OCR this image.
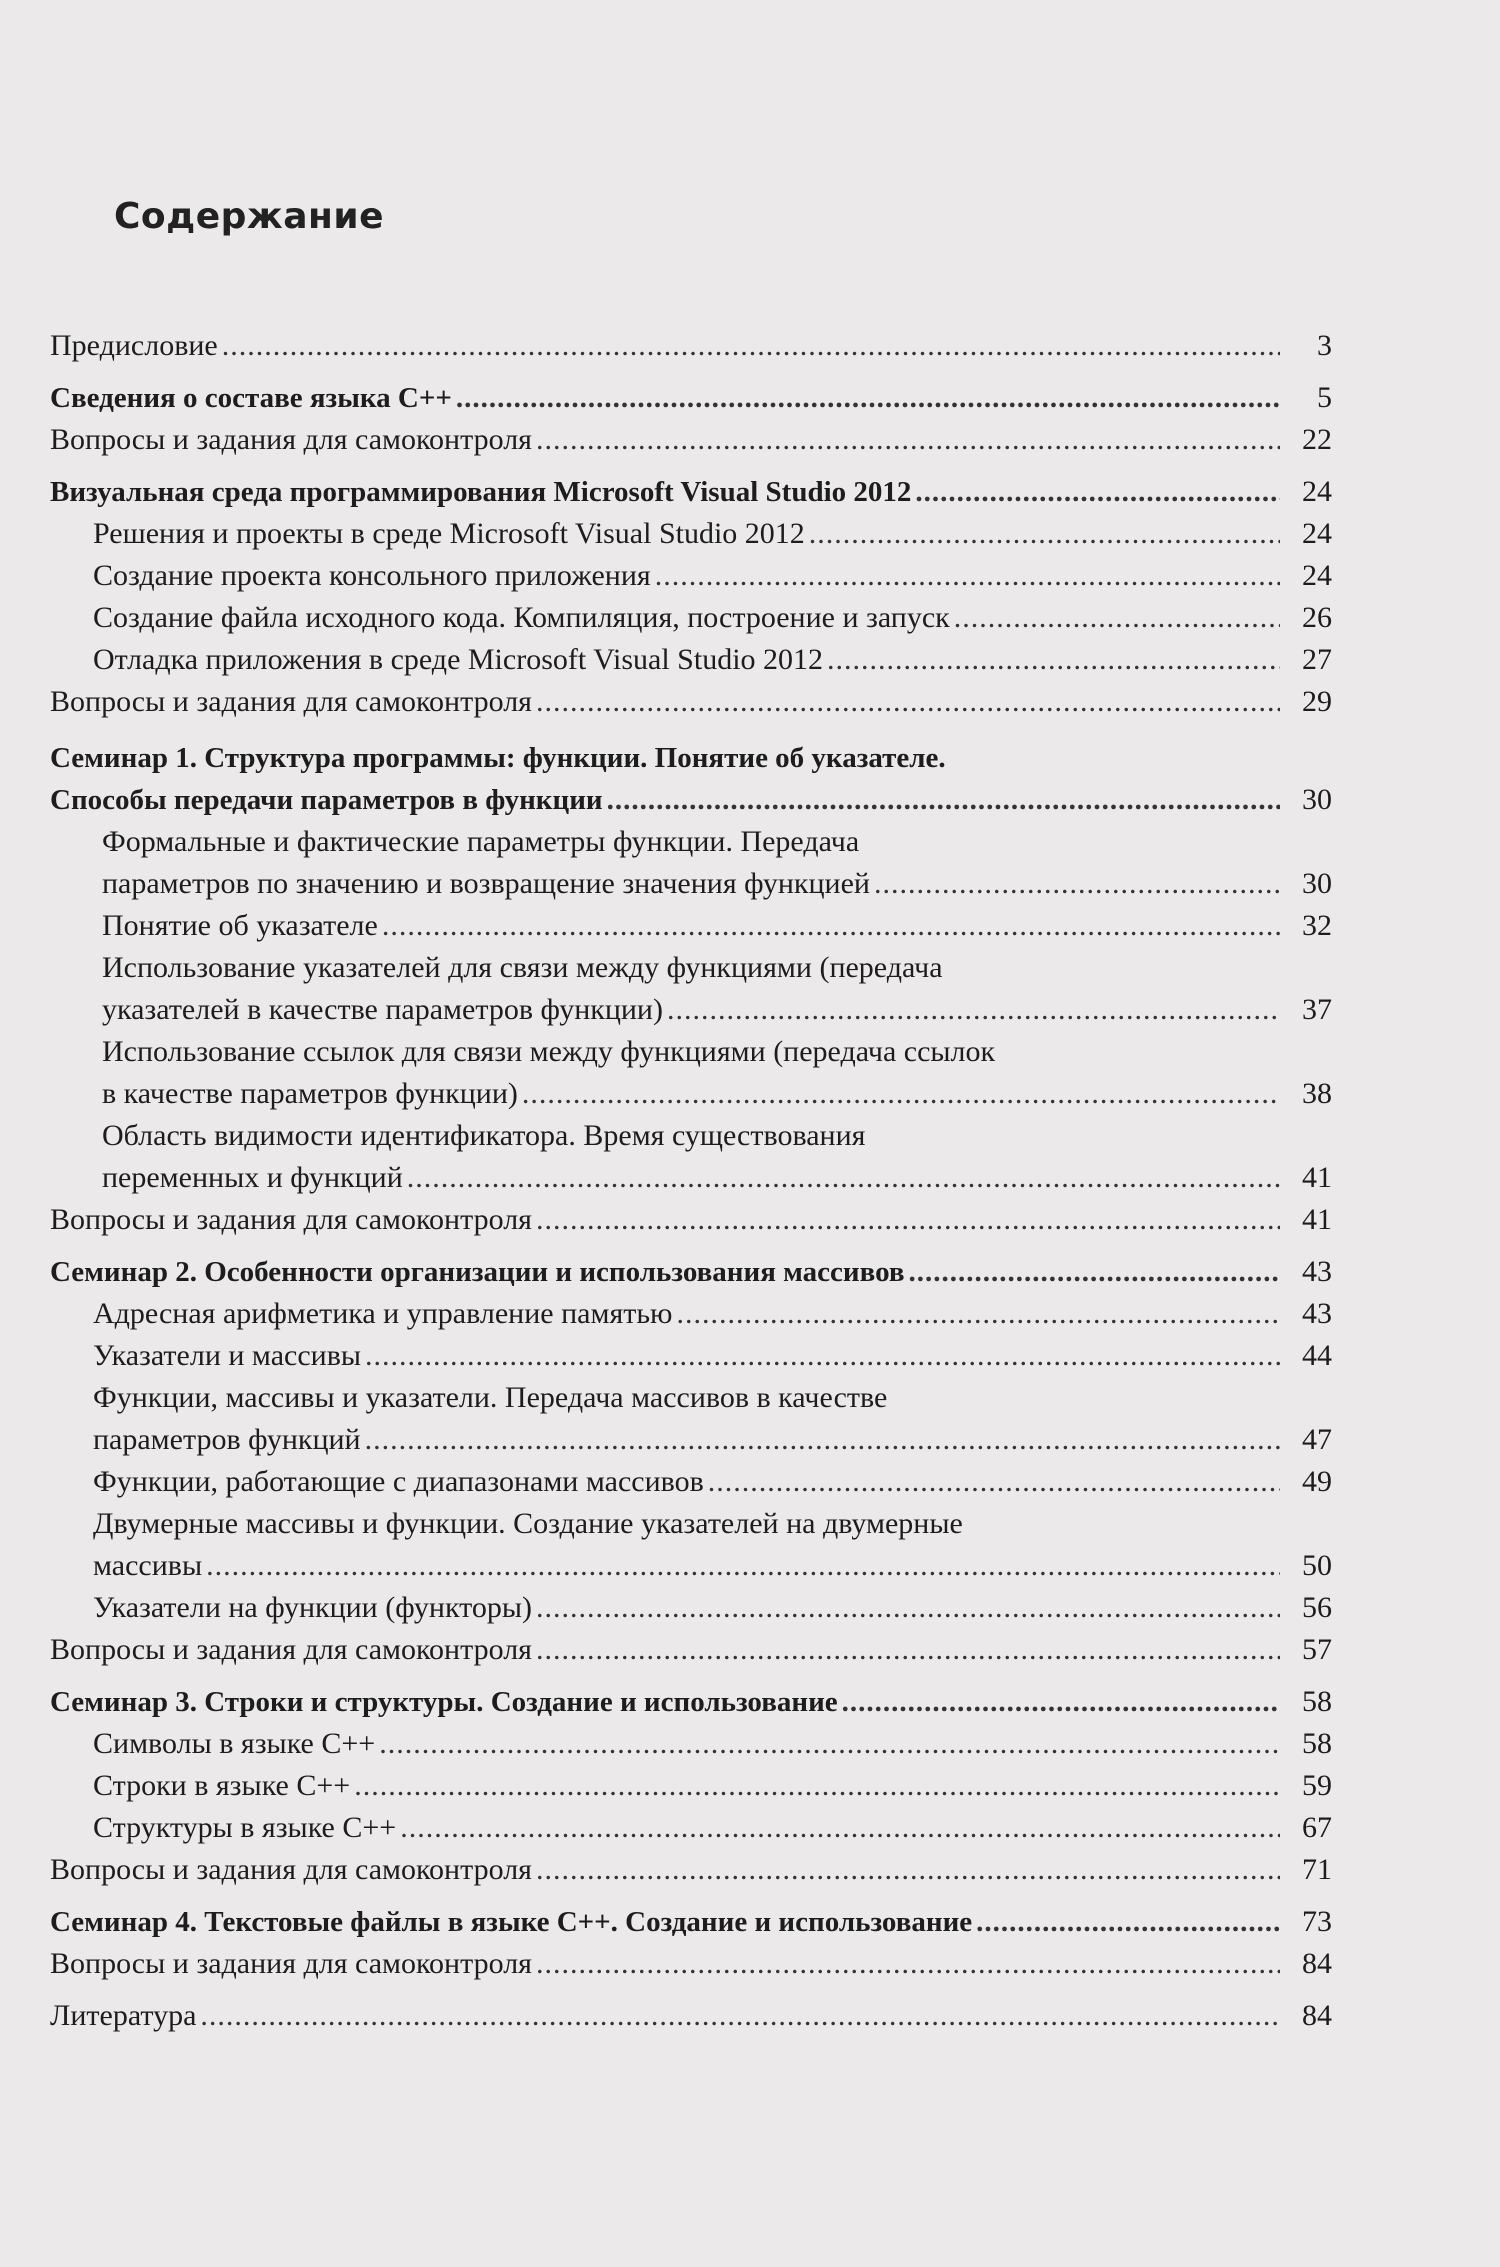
Содержание
Предисловие .....	3
Сведения о составе языка C++ .....	5
Вопросы и задания для самоконтроля .....	22
Визуальная среда программирования Microsoft Visual Studio 2012 .....	24
Решения и проекты в среде Microsoft Visual Studio 2012 .....	24
Создание проекта консольного приложения .....	24
Создание файла исходного кода. Компиляция, построение и запуск .....	26
Отладка приложения в среде Microsoft Visual Studio 2012 .....	27
Вопросы и задания для самоконтроля .....	29
Семинар 1. Структура программы: функции. Понятие об указателе.
Способы передачи параметров в функции .....	30
Формальные и фактические параметры функции. Передача
параметров по значению и возвращение значения функцией .....	30
Понятие об указателе .....	32
Использование указателей для связи между функциями (передача
указателей в качестве параметров функции) .....	37
Использование ссылок для связи между функциями (передача ссылок
в качестве параметров функции) .....	38
Область видимости идентификатора. Время существования
переменных и функций .....	41
Вопросы и задания для самоконтроля .....	41
Семинар 2. Особенности организации и использования массивов .....	43
Адресная арифметика и управление памятью .....	43
Указатели и массивы .....	44
Функции, массивы и указатели. Передача массивов в качестве
параметров функций .....	47
Функции, работающие с диапазонами массивов .....	49
Двумерные массивы и функции. Создание указателей на двумерные
массивы .....	50
Указатели на функции (функторы) .....	56
Вопросы и задания для самоконтроля .....	57
Семинар 3. Строки и структуры. Создание и использование .....	58
Символы в языке C++ .....	58
Строки в языке C++ .....	59
Структуры в языке C++ .....	67
Вопросы и задания для самоконтроля .....	71
Семинар 4. Текстовые файлы в языке C++. Создание и использование .....	73
Вопросы и задания для самоконтроля .....	84
Литература .....	84
